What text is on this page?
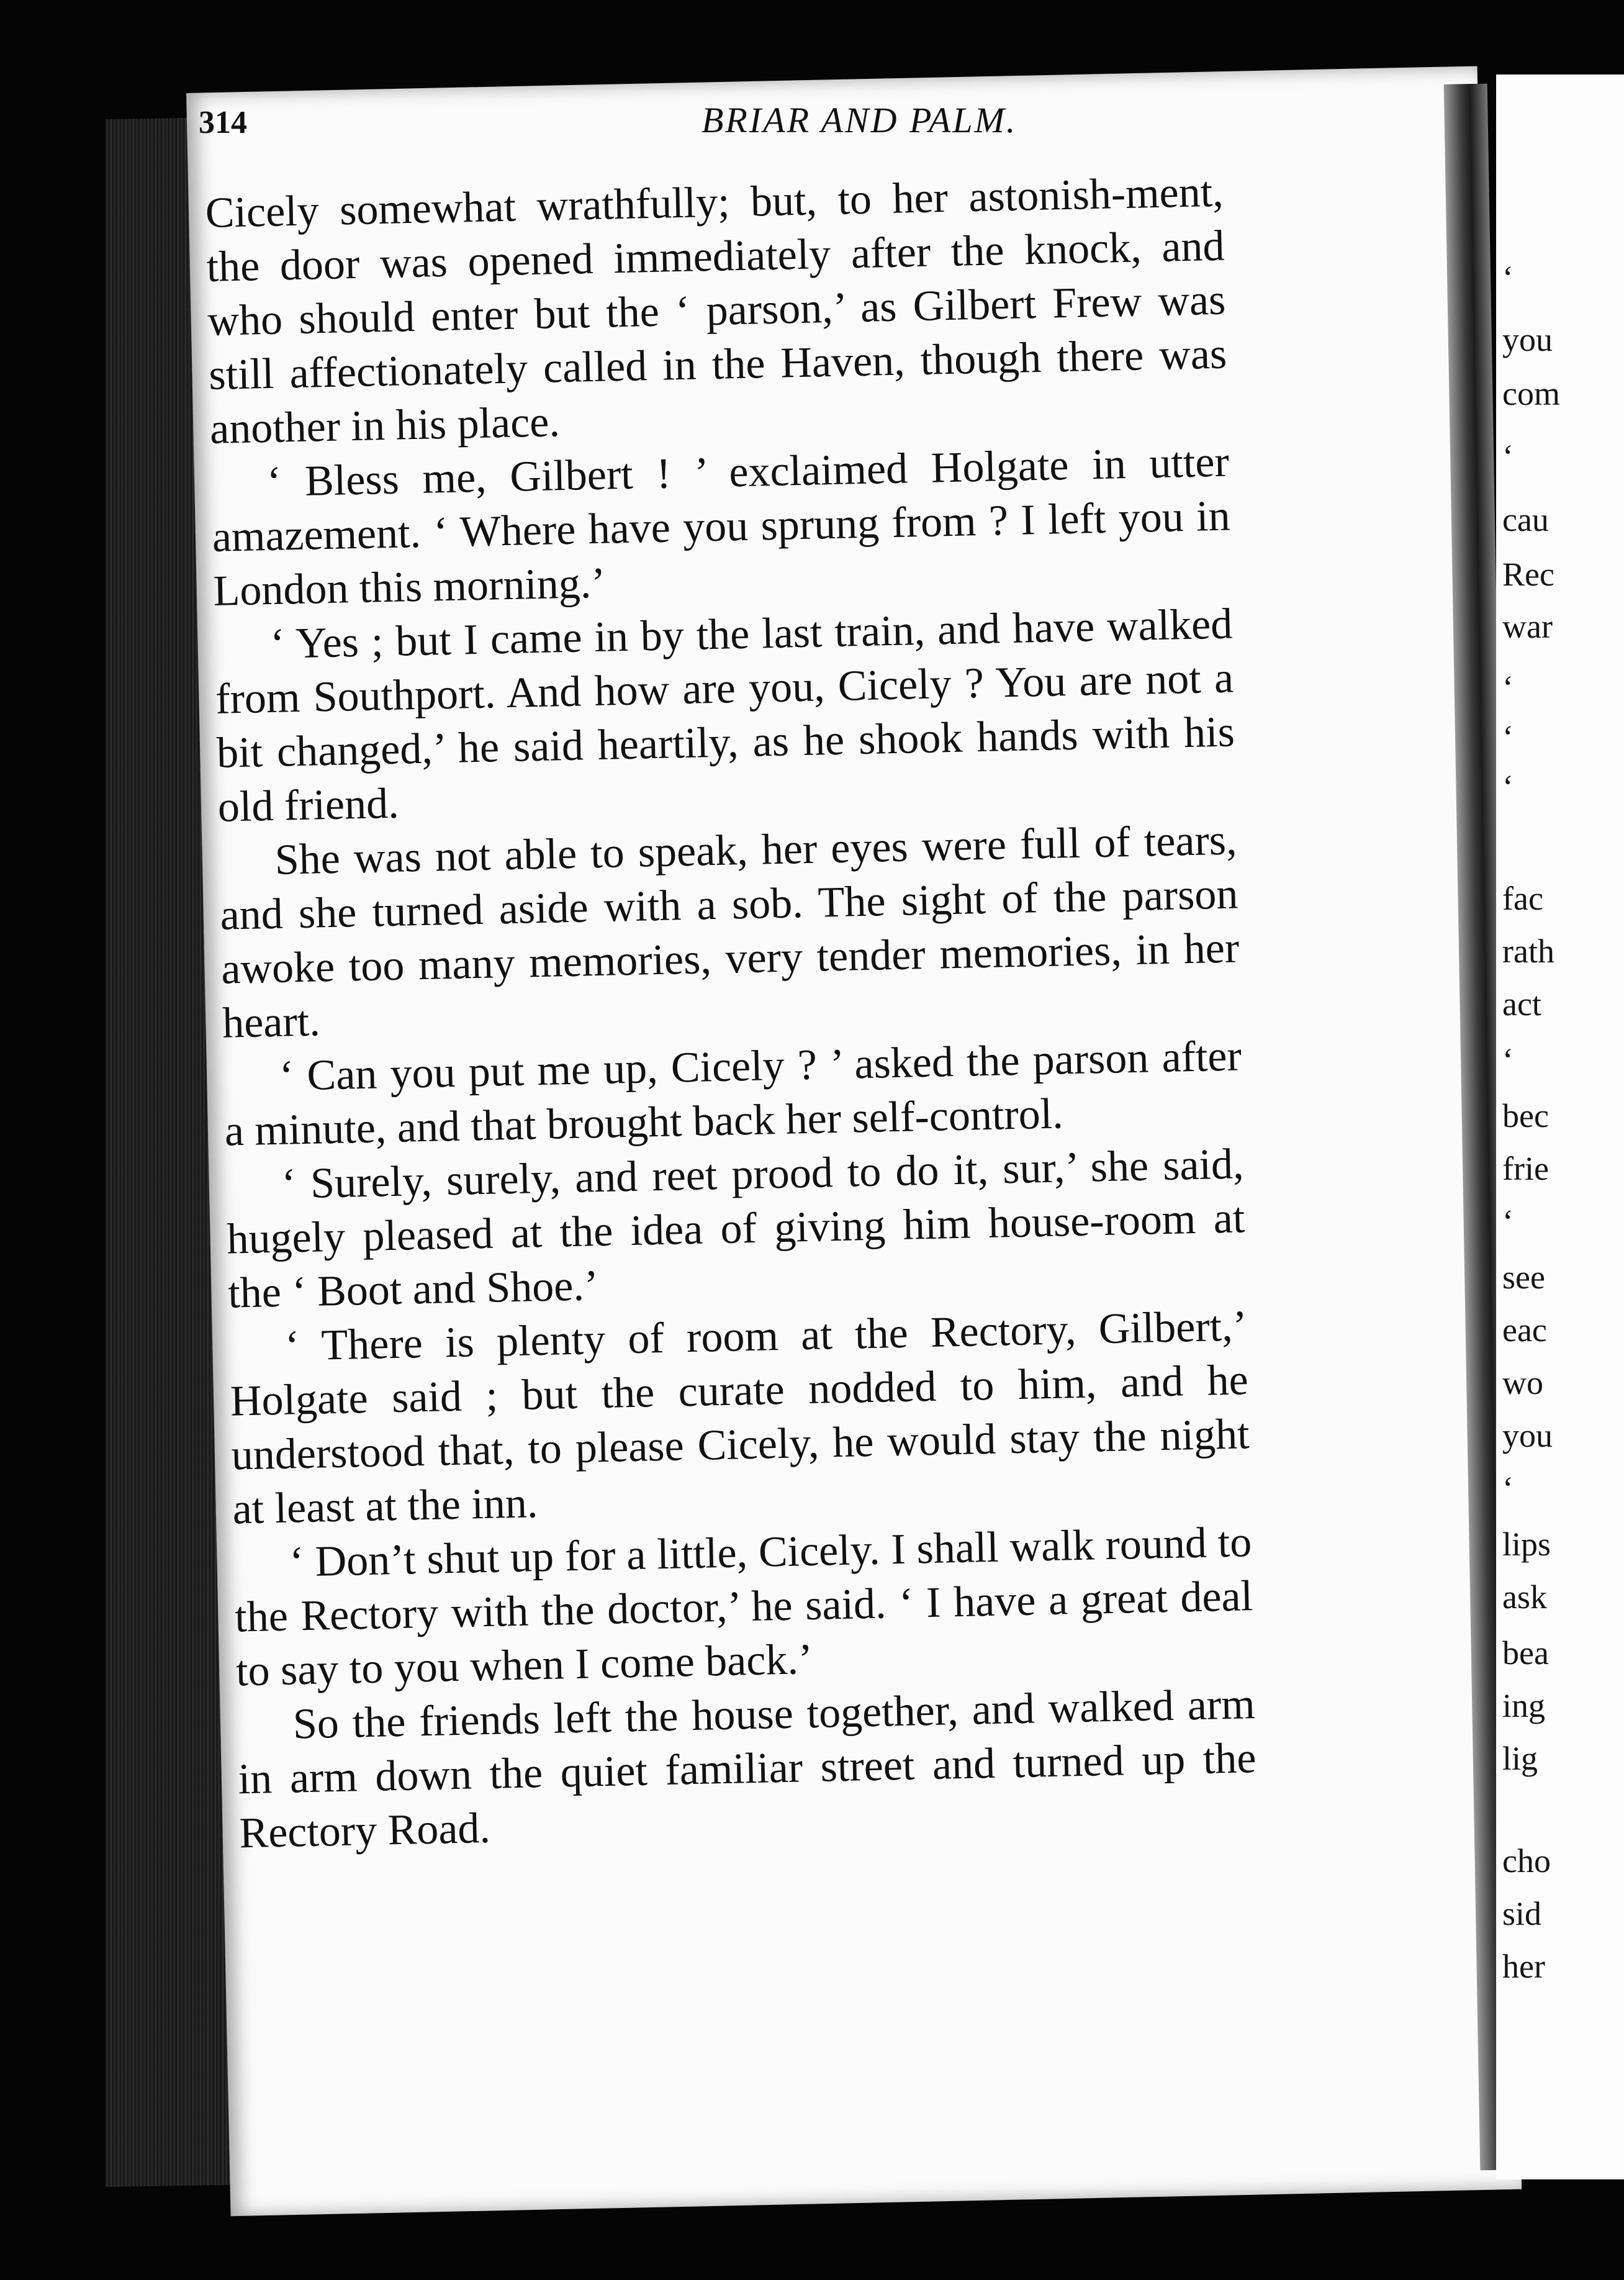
‘
you
com
‘
cau
Rec
war
‘
‘
‘
fac
rath
act
‘
bec
frie
‘
see
eac
wo
you
‘
lips
ask
bea
ing
lig
cho
sid
her
314	BRIAR AND PALM.

Cicely somewhat wrathfully; but, to her astonish-ment, the door was opened immediately after the knock, and who should enter but the ‘ parson,’ as Gilbert Frew was still affectionately called in the Haven, though there was another in his place.

‘ Bless me, Gilbert ! ’ exclaimed Holgate in utter amazement. ‘ Where have you sprung from ? I left you in London this morning.’

‘ Yes ; but I came in by the last train, and have walked from Southport. And how are you, Cicely ? You are not a bit changed,’ he said heartily, as he shook hands with his old friend.

She was not able to speak, her eyes were full of tears, and she turned aside with a sob. The sight of the parson awoke too many memories, very tender memories, in her heart.

‘ Can you put me up, Cicely ? ’ asked the parson after a minute, and that brought back her self-control.

‘ Surely, surely, and reet prood to do it, sur,’ she said, hugely pleased at the idea of giving him house-room at the ‘ Boot and Shoe.’

‘ There is plenty of room at the Rectory, Gilbert,’ Holgate said ; but the curate nodded to him, and he understood that, to please Cicely, he would stay the night at least at the inn.

‘ Don’t shut up for a little, Cicely. I shall walk round to the Rectory with the doctor,’ he said. ‘ I have a great deal to say to you when I come back.’

So the friends left the house together, and walked arm in arm down the quiet familiar street and turned up the Rectory Road.
